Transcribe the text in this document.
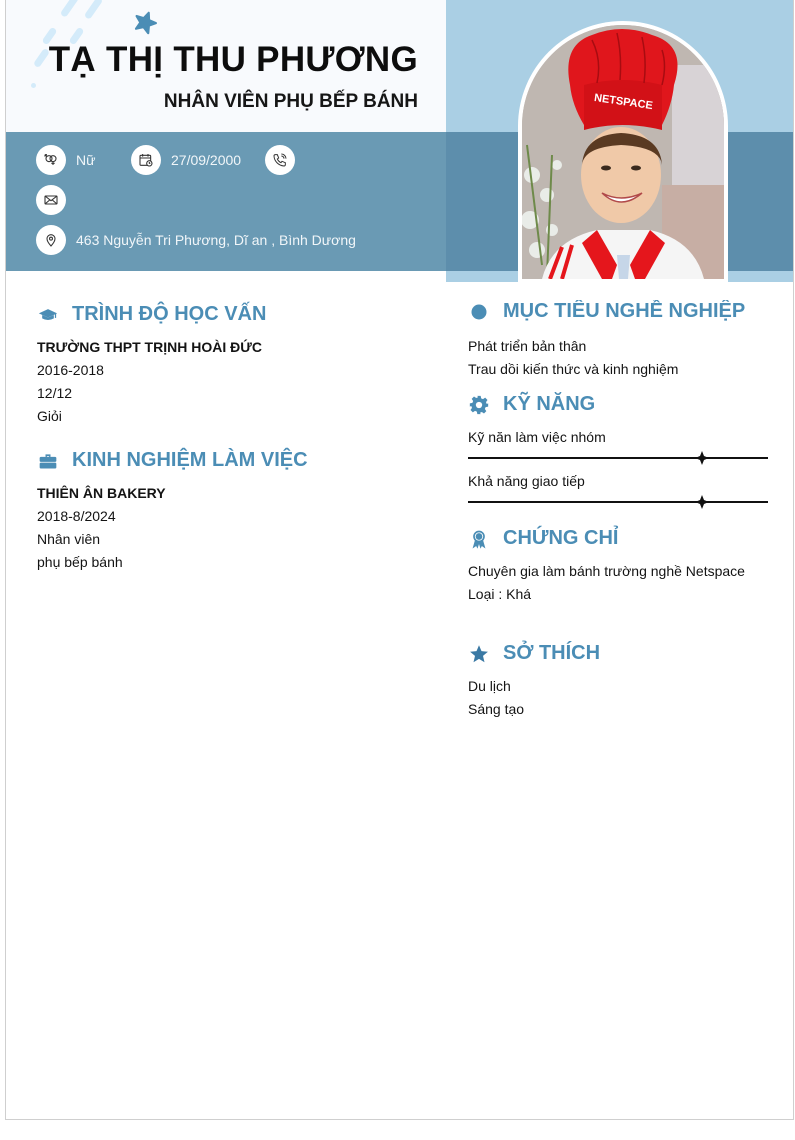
TẠ THỊ THU PHƯƠNG
NHÂN VIÊN PHỤ BẾP BÁNH
Nữ	27/09/2000
463 Nguyễn Tri Phương, Dĩ an , Bình Dương
NETSPACE
MỤC TIÊU NGHỀ NGHIỆP
Phát triển bản thân
Trau dồi kiến thức và kinh nghiệm
TRÌNH ĐỘ HỌC VẤN
TRƯỜNG THPT TRỊNH HOÀI ĐỨC
2016-2018
12/12
Giỏi
KINH NGHIỆM LÀM VIỆC
THIÊN ÂN BAKERY
2018-8/2024
Nhân viên
phụ bếp bánh
KỸ NĂNG
Kỹ năn làm việc nhóm
Khả năng giao tiếp
CHỨNG CHỈ
Chuyên gia làm bánh trường nghề Netspace
Loại : Khá
SỞ THÍCH
Du lịch
Sáng tạo
